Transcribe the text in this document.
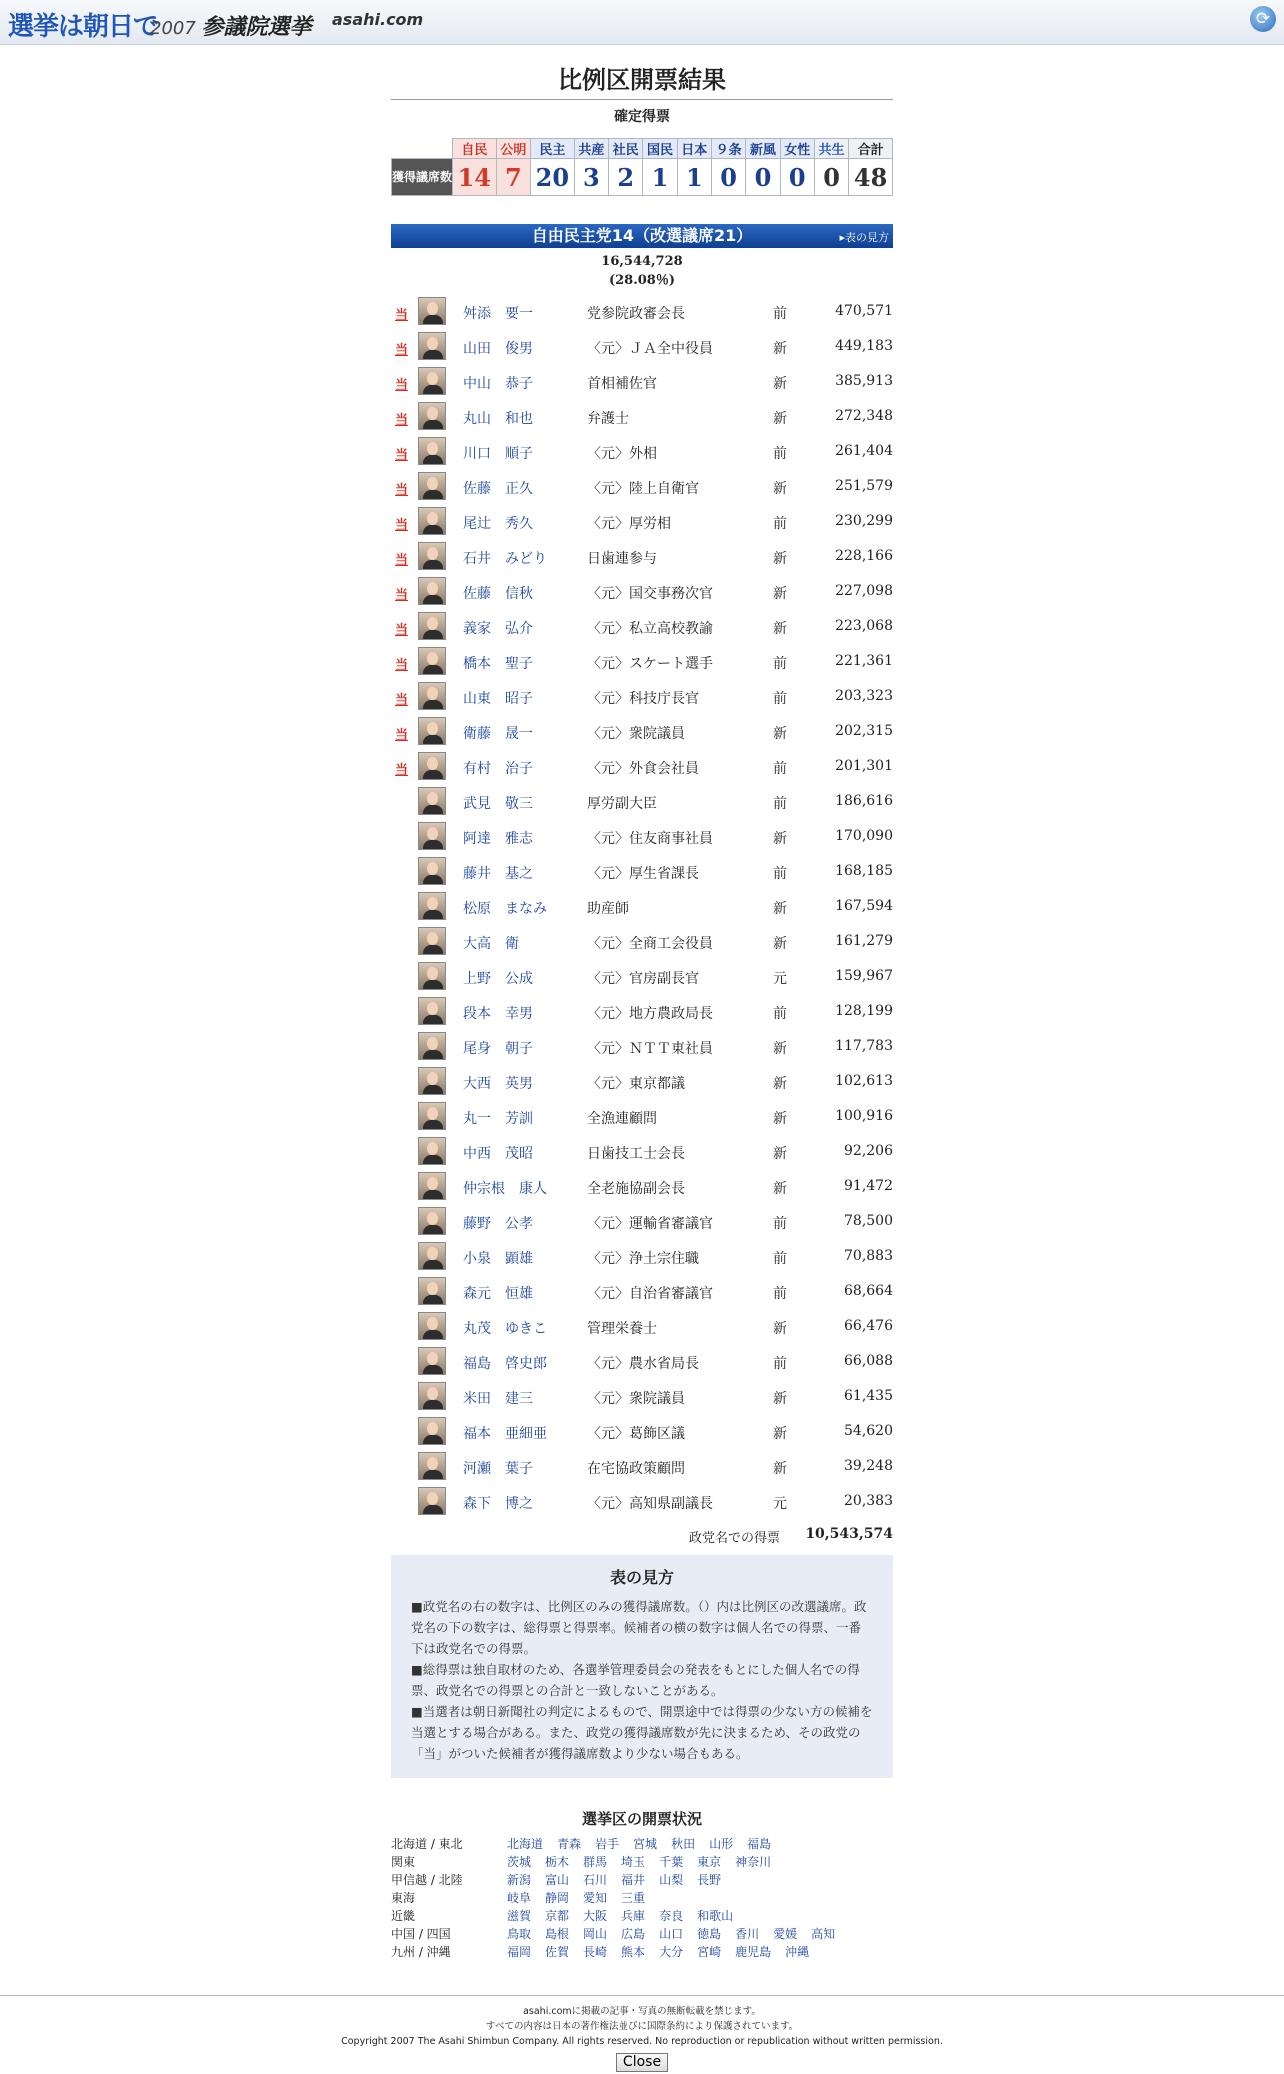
選挙は朝日で
2007 参議院選挙 asahi.com	⟳
比例区開票結果
確定得票
	自民	公明	民主	共産	社民	国民	日本	９条	新風	女性	共生	合計
獲得議席数	14	7	20	3	2	1	1	0	0	0	0	48
自由民主党14（改選議席21）	▸表の見方
16,544,728
(28.08％)
当	舛添　要一	党参院政審会長	前	470,571
当	山田　俊男	〈元〉ＪＡ全中役員	新	449,183
当	中山　恭子	首相補佐官	新	385,913
当	丸山　和也	弁護士	新	272,348
当	川口　順子	〈元〉外相	前	261,404
当	佐藤　正久	〈元〉陸上自衛官	新	251,579
当	尾辻　秀久	〈元〉厚労相	前	230,299
当	石井　みどり	日歯連参与	新	228,166
当	佐藤　信秋	〈元〉国交事務次官	新	227,098
当	義家　弘介	〈元〉私立高校教諭	新	223,068
当	橋本　聖子	〈元〉スケート選手	前	221,361
当	山東　昭子	〈元〉科技庁長官	前	203,323
当	衛藤　晟一	〈元〉衆院議員	新	202,315
当	有村　治子	〈元〉外食会社員	前	201,301
武見　敬三	厚労副大臣	前	186,616
阿達　雅志	〈元〉住友商事社員	新	170,090
藤井　基之	〈元〉厚生省課長	前	168,185
松原　まなみ	助産師	新	167,594
大高　衛	〈元〉全商工会役員	新	161,279
上野　公成	〈元〉官房副長官	元	159,967
段本　幸男	〈元〉地方農政局長	前	128,199
尾身　朝子	〈元〉ＮＴＴ東社員	新	117,783
大西　英男	〈元〉東京都議	新	102,613
丸一　芳訓	全漁連顧問	新	100,916
中西　茂昭	日歯技工士会長	新	92,206
仲宗根　康人	全老施協副会長	新	91,472
藤野　公孝	〈元〉運輸省審議官	前	78,500
小泉　顕雄	〈元〉浄土宗住職	前	70,883
森元　恒雄	〈元〉自治省審議官	前	68,664
丸茂　ゆきこ	管理栄養士	新	66,476
福島　啓史郎	〈元〉農水省局長	前	66,088
米田　建三	〈元〉衆院議員	新	61,435
福本　亜細亜	〈元〉葛飾区議	新	54,620
河瀬　葉子	在宅協政策顧問	新	39,248
森下　博之	〈元〉高知県副議長	元	20,383
政党名での得票 10,543,574
表の見方

■政党名の右の数字は、比例区のみの獲得議席数。（）内は比例区の改選議席。政党名の下の数字は、総得票と得票率。候補者の横の数字は個人名での得票、一番下は政党名での得票。

■総得票は独自取材のため、各選挙管理委員会の発表をもとにした個人名での得票、政党名での得票との合計と一致しないことがある。

■当選者は朝日新聞社の判定によるもので、開票途中では得票の少ない方の候補を当選とする場合がある。また、政党の獲得議席数が先に決まるため、その政党の「当」がついた候補者が獲得議席数より少ない場合もある。

選挙区の開票状況
北海道 / 東北	北海道 青森 岩手 宮城 秋田 山形 福島
関東	茨城 栃木 群馬 埼玉 千葉 東京 神奈川
甲信越 / 北陸	新潟 富山 石川 福井 山梨 長野
東海	岐阜 静岡 愛知 三重
近畿	滋賀 京都 大阪 兵庫 奈良 和歌山
中国 / 四国	鳥取 島根 岡山 広島 山口 徳島 香川 愛媛 高知
九州 / 沖縄	福岡 佐賀 長崎 熊本 大分 宮崎 鹿児島 沖縄
asahi.comに掲載の記事・写真の無断転載を禁じます。
すべての内容は日本の著作権法並びに国際条約により保護されています。
Copyright 2007 The Asahi Shimbun Company. All rights reserved. No reproduction or republication without written permission.
Close
